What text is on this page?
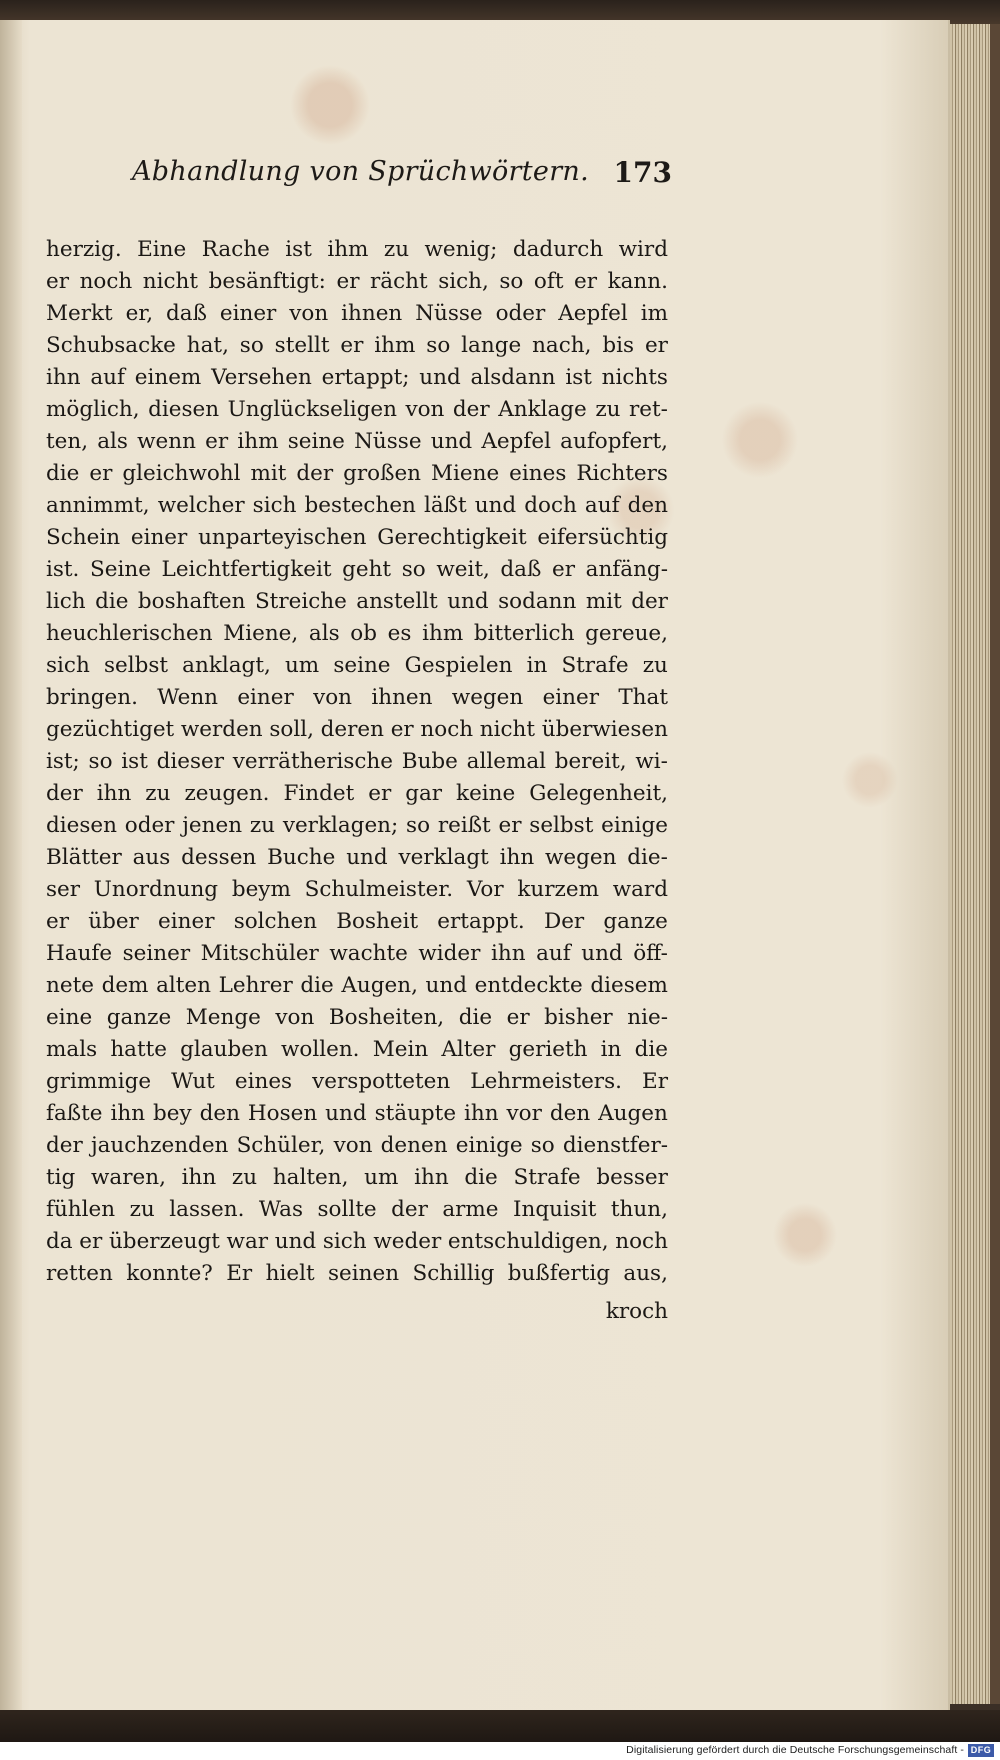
Abhandlung von Sprüchwörtern. 173
herzig. Eine Rache ist ihm zu wenig; dadurch wird
er noch nicht besänftigt: er rächt sich, so oft er kann.
Merkt er, daß einer von ihnen Nüsse oder Aepfel im
Schubsacke hat, so stellt er ihm so lange nach, bis er
ihn auf einem Versehen ertappt; und alsdann ist nichts
möglich, diesen Unglückseligen von der Anklage zu ret-
ten, als wenn er ihm seine Nüsse und Aepfel aufopfert,
die er gleichwohl mit der großen Miene eines Richters
annimmt, welcher sich bestechen läßt und doch auf den
Schein einer unparteyischen Gerechtigkeit eifersüchtig
ist. Seine Leichtfertigkeit geht so weit, daß er anfäng-
lich die boshaften Streiche anstellt und sodann mit der
heuchlerischen Miene, als ob es ihm bitterlich gereue,
sich selbst anklagt, um seine Gespielen in Strafe zu
bringen. Wenn einer von ihnen wegen einer That
gezüchtiget werden soll, deren er noch nicht überwiesen
ist; so ist dieser verrätherische Bube allemal bereit, wi-
der ihn zu zeugen. Findet er gar keine Gelegenheit,
diesen oder jenen zu verklagen; so reißt er selbst einige
Blätter aus dessen Buche und verklagt ihn wegen die-
ser Unordnung beym Schulmeister. Vor kurzem ward
er über einer solchen Bosheit ertappt. Der ganze
Haufe seiner Mitschüler wachte wider ihn auf und öff-
nete dem alten Lehrer die Augen, und entdeckte diesem
eine ganze Menge von Bosheiten, die er bisher nie-
mals hatte glauben wollen. Mein Alter gerieth in die
grimmige Wut eines verspotteten Lehrmeisters. Er
faßte ihn bey den Hosen und stäupte ihn vor den Augen
der jauchzenden Schüler, von denen einige so dienstfer-
tig waren, ihn zu halten, um ihn die Strafe besser
fühlen zu lassen. Was sollte der arme Inquisit thun,
da er überzeugt war und sich weder entschuldigen, noch
retten konnte? Er hielt seinen Schillig bußfertig aus,
kroch
Digitalisierung gefördert durch die Deutsche Forschungsgemeinschaft - DFG
